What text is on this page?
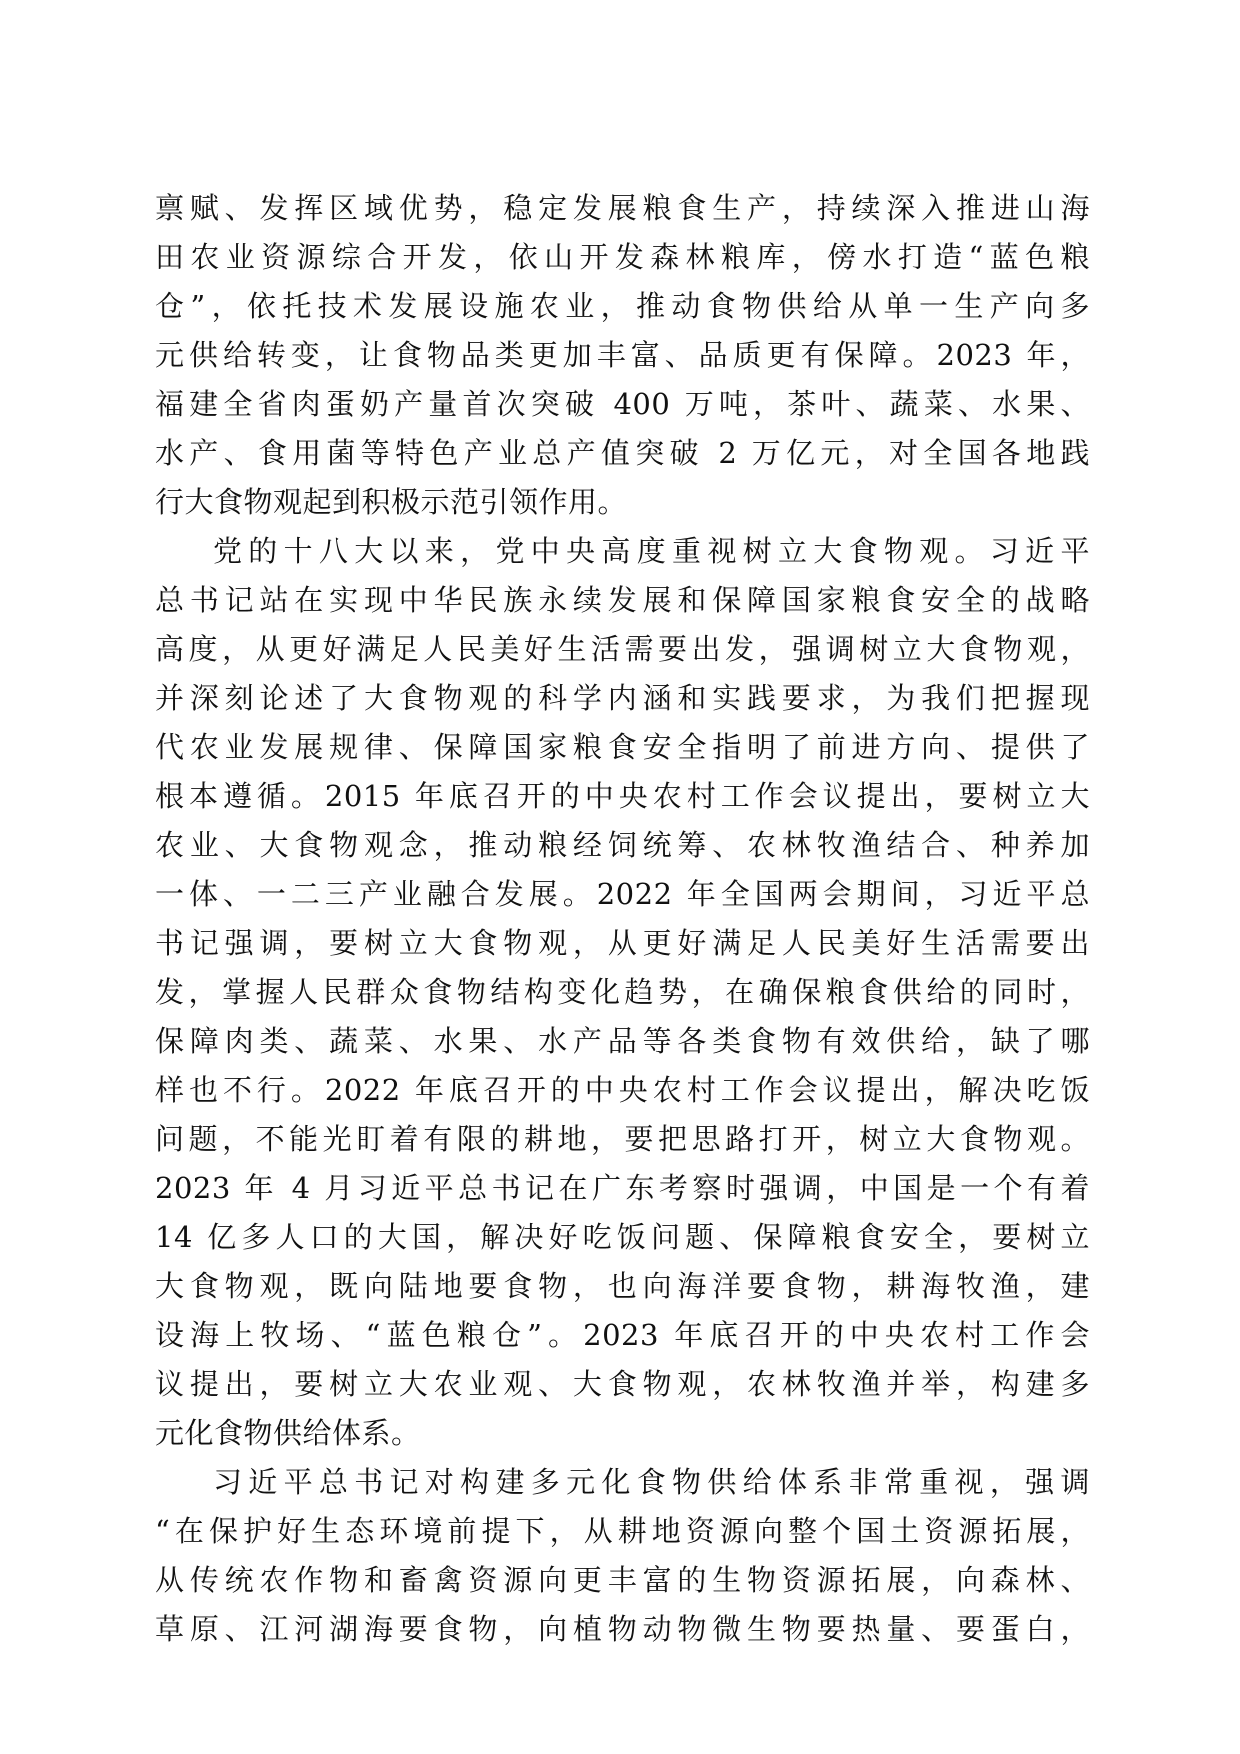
禀赋、发挥区域优势，稳定发展粮食生产，持续深入推进山海
田农业资源综合开发，依山开发森林粮库，傍水打造“蓝色粮
仓”，依托技术发展设施农业，推动食物供给从单一生产向多
元供给转变，让食物品类更加丰富、品质更有保障。2023 年，
福建全省肉蛋奶产量首次突破 400 万吨，茶叶、蔬菜、水果、
水产、食用菌等特色产业总产值突破 2 万亿元，对全国各地践
行大食物观起到积极示范引领作用。
党的十八大以来，党中央高度重视树立大食物观。习近平
总书记站在实现中华民族永续发展和保障国家粮食安全的战略
高度，从更好满足人民美好生活需要出发，强调树立大食物观，
并深刻论述了大食物观的科学内涵和实践要求，为我们把握现
代农业发展规律、保障国家粮食安全指明了前进方向、提供了
根本遵循。2015 年底召开的中央农村工作会议提出，要树立大
农业、大食物观念，推动粮经饲统筹、农林牧渔结合、种养加
一体、一二三产业融合发展。2022 年全国两会期间，习近平总
书记强调，要树立大食物观，从更好满足人民美好生活需要出
发，掌握人民群众食物结构变化趋势，在确保粮食供给的同时，
保障肉类、蔬菜、水果、水产品等各类食物有效供给，缺了哪
样也不行。2022 年底召开的中央农村工作会议提出，解决吃饭
问题，不能光盯着有限的耕地，要把思路打开，树立大食物观。
2023 年 4 月习近平总书记在广东考察时强调，中国是一个有着
14 亿多人口的大国，解决好吃饭问题、保障粮食安全，要树立
大食物观，既向陆地要食物，也向海洋要食物，耕海牧渔，建
设海上牧场、“蓝色粮仓”。2023 年底召开的中央农村工作会
议提出，要树立大农业观、大食物观，农林牧渔并举，构建多
元化食物供给体系。
习近平总书记对构建多元化食物供给体系非常重视，强调
“在保护好生态环境前提下，从耕地资源向整个国土资源拓展，
从传统农作物和畜禽资源向更丰富的生物资源拓展，向森林、
草原、江河湖海要食物，向植物动物微生物要热量、要蛋白，
